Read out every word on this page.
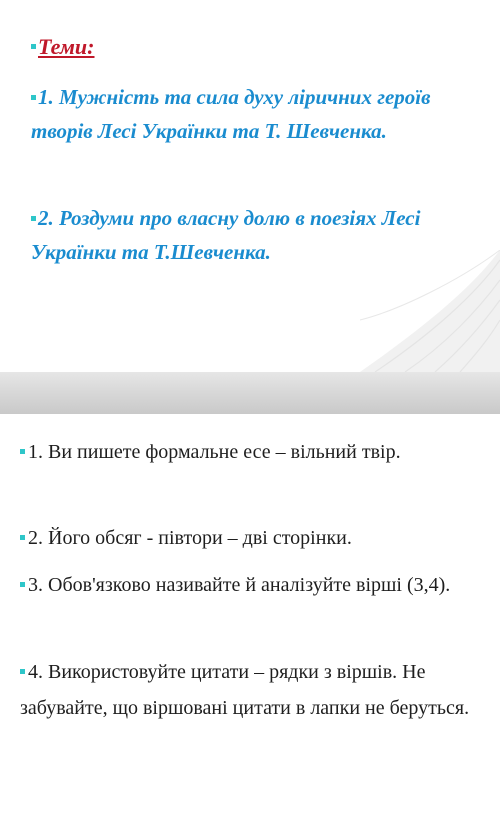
Теми:
1. Мужність та сила духу ліричних героїв творів Лесі Українки та Т. Шевченка.
2. Роздуми про власну долю в поезіях Лесі Українки та Т.Шевченка.
1. Ви пишете формальне есе – вільний твір.
2. Його обсяг - півтори – дві сторінки.
3. Обов'язково називайте й аналізуйте вірші (3,4).
4. Використовуйте цитати – рядки з віршів. Не забувайте, що віршовані цитати в лапки не беруться.
